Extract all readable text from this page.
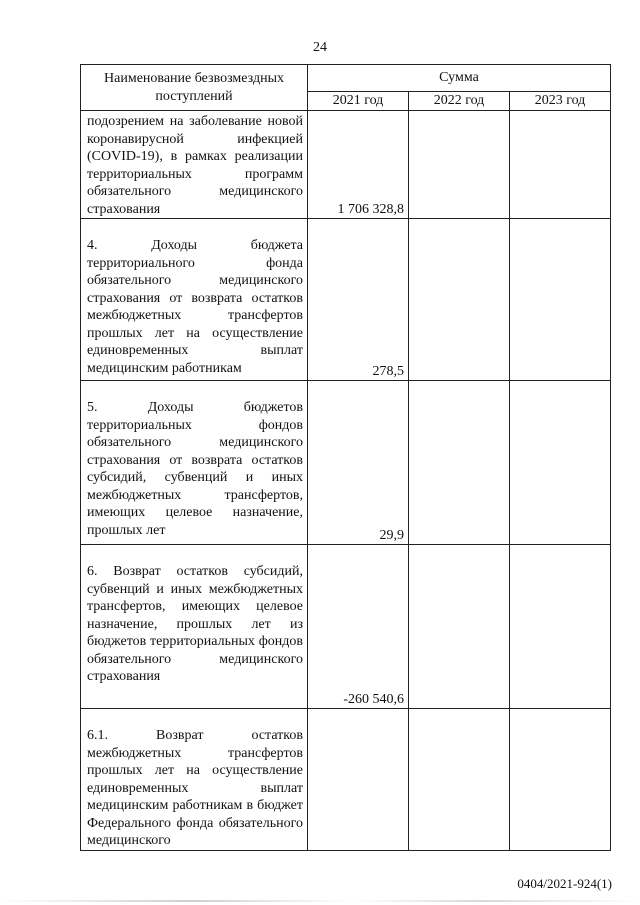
24
Наименование безвозмездных поступлений	Сумма		
	2021 год	2022 год	2023 год
подозрением на заболевание новой коронавирусной инфекцией (COVID-19), в рамках реализации территориальных программ обязательного медицинского страхования	1 706 328,8		

4. Доходы бюджета территориального фонда обязательного медицинского страхования от возврата остатков межбюджетных трансфертов прошлых лет на осуществление единовременных выплат медицинским работникам	278,5		

5. Доходы бюджетов территориальных фондов обязательного медицинского страхования от возврата остатков субсидий, субвенций и иных межбюджетных трансфертов, имеющих целевое назначение, прошлых лет	29,9		

6. Возврат остатков субсидий, субвенций и иных межбюджетных трансфертов, имеющих целевое назначение, прошлых лет из бюджетов территориальных фондов обязательного медицинского страхования	-260 540,6		

6.1. Возврат остатков межбюджетных трансфертов прошлых лет на осуществление единовременных выплат медицинским работникам в бюджет Федерального фонда обязательного медицинского			

0404/2021-924(1)
